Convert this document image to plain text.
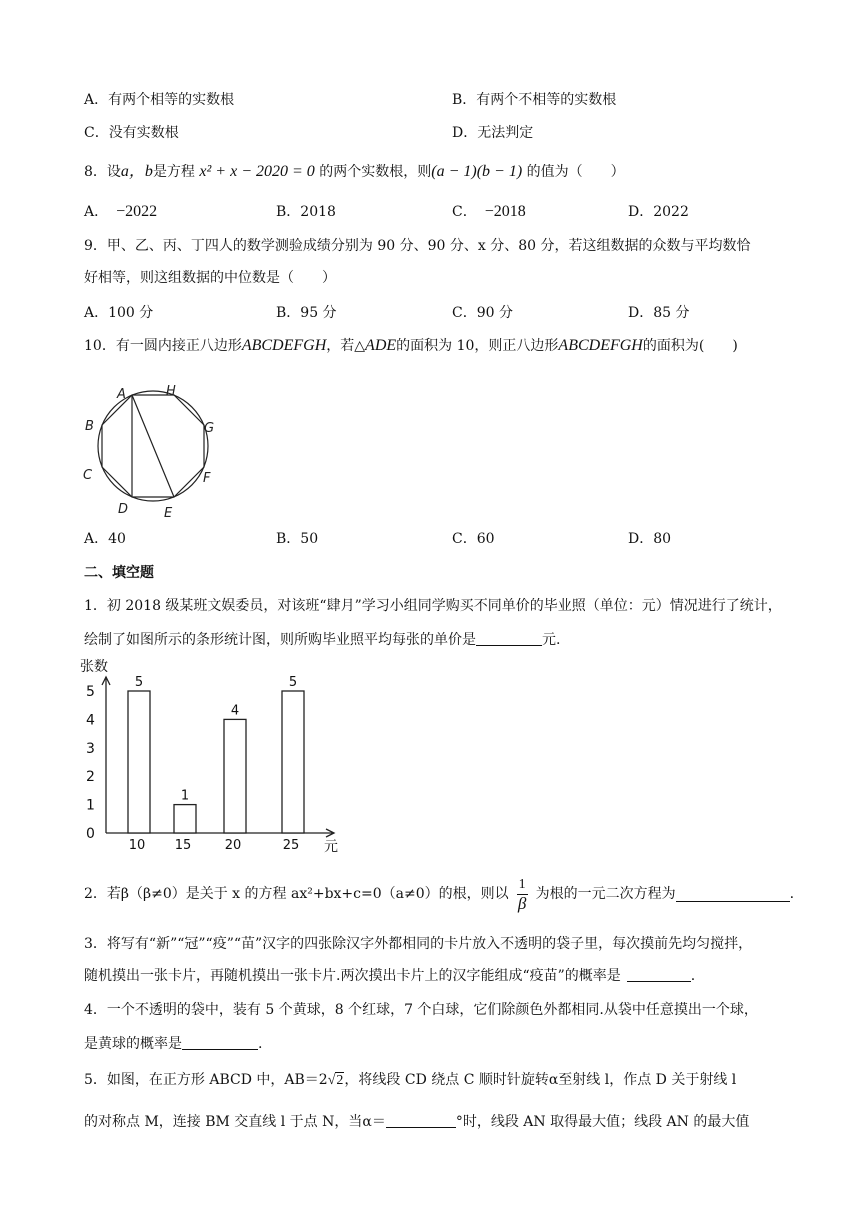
A．有两个相等的实数根	B．有两个不相等的实数根
C．没有实数根	D．无法判定
8．设a，b是方程 x² + x − 2020 = 0 的两个实数根，则(a − 1)(b − 1) 的值为（　　）
A． −2022	B．2018	C． −2018	D．2022
9．甲、乙、丙、丁四人的数学测验成绩分别为 90 分、90 分、x 分、80 分，若这组数据的众数与平均数恰
好相等，则这组数据的中位数是（　　）
A．100 分	B．95 分	C．90 分	D．85 分
10．有一圆内接正八边形ABCDEFGH，若△ADE的面积为 10，则正八边形ABCDEFGH的面积为(　　)
A
B
C
D	E
F
G
H
A．40	B．50	C．60	D．80
二、填空题
1．初 2018 级某班文娱委员，对该班“肆月”学习小组同学购买不同单价的毕业照（单位：元）情况进行了统计，
绘制了如图所示的条形统计图，则所购毕业照平均每张的单价是	元.
张数
元
0
1
2
3
4
5
5
10
1
15
4
20
5
25
2．若β（β≠0）是关于 x 的方程 ax²+bx+c=0（a≠0）的根，则以 $\frac{1}{\beta}$ 为根的一元二次方程为	.
3．将写有“新”“冠”“疫”“苗”汉字的四张除汉字外都相同的卡片放入不透明的袋子里，每次摸前先均匀搅拌，
随机摸出一张卡片，再随机摸出一张卡片.两次摸出卡片上的汉字能组成“疫苗”的概率是	.
4．一个不透明的袋中，装有 5 个黄球，8 个红球，7 个白球，它们除颜色外都相同.从袋中任意摸出一个球，
是黄球的概率是	.
5．如图，在正方形 ABCD 中，AB＝2√2，将线段 CD 绕点 C 顺时针旋转α至射线 l，作点 D 关于射线 l
的对称点 M，连接 BM 交直线 l 于点 N，当α＝	°时，线段 AN 取得最大值；线段 AN 的最大值
